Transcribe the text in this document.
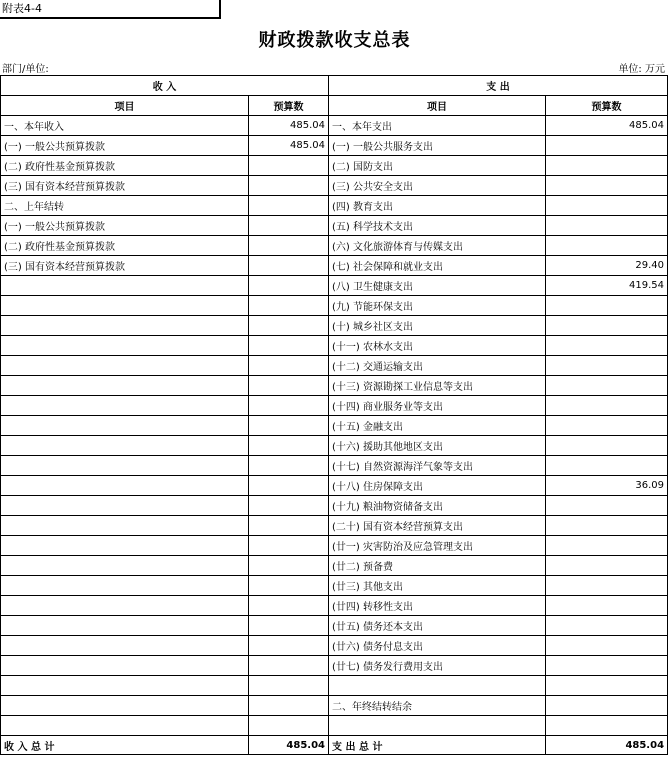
附表4-4
财政拨款收支总表
部门/单位:	单位: 万元
收 入		支 出	
项目	预算数	项目	预算数
一、本年收入	485.04	一、本年支出	485.04
(一) 一般公共预算拨款	485.04	(一) 一般公共服务支出	
(二) 政府性基金预算拨款		(二) 国防支出	
(三) 国有资本经营预算拨款		(三) 公共安全支出	
二、上年结转		(四) 教育支出	
(一) 一般公共预算拨款		(五) 科学技术支出	
(二) 政府性基金预算拨款		(六) 文化旅游体育与传媒支出	
(三) 国有资本经营预算拨款		(七) 社会保障和就业支出	29.40
		(八) 卫生健康支出	419.54
		(九) 节能环保支出	
		(十) 城乡社区支出	
		(十一) 农林水支出	
		(十二) 交通运输支出	
		(十三) 资源勘探工业信息等支出	
		(十四) 商业服务业等支出	
		(十五) 金融支出	
		(十六) 援助其他地区支出	
		(十七) 自然资源海洋气象等支出	
		(十八) 住房保障支出	36.09
		(十九) 粮油物资储备支出	
		(二十) 国有资本经营预算支出	
		(廿一) 灾害防治及应急管理支出	
		(廿二) 预备费	
		(廿三) 其他支出	
		(廿四) 转移性支出	
		(廿五) 债务还本支出	
		(廿六) 债务付息支出	
		(廿七) 债务发行费用支出	

		二、年终结转结余	

收 入 总 计	485.04	支 出 总 计	485.04
